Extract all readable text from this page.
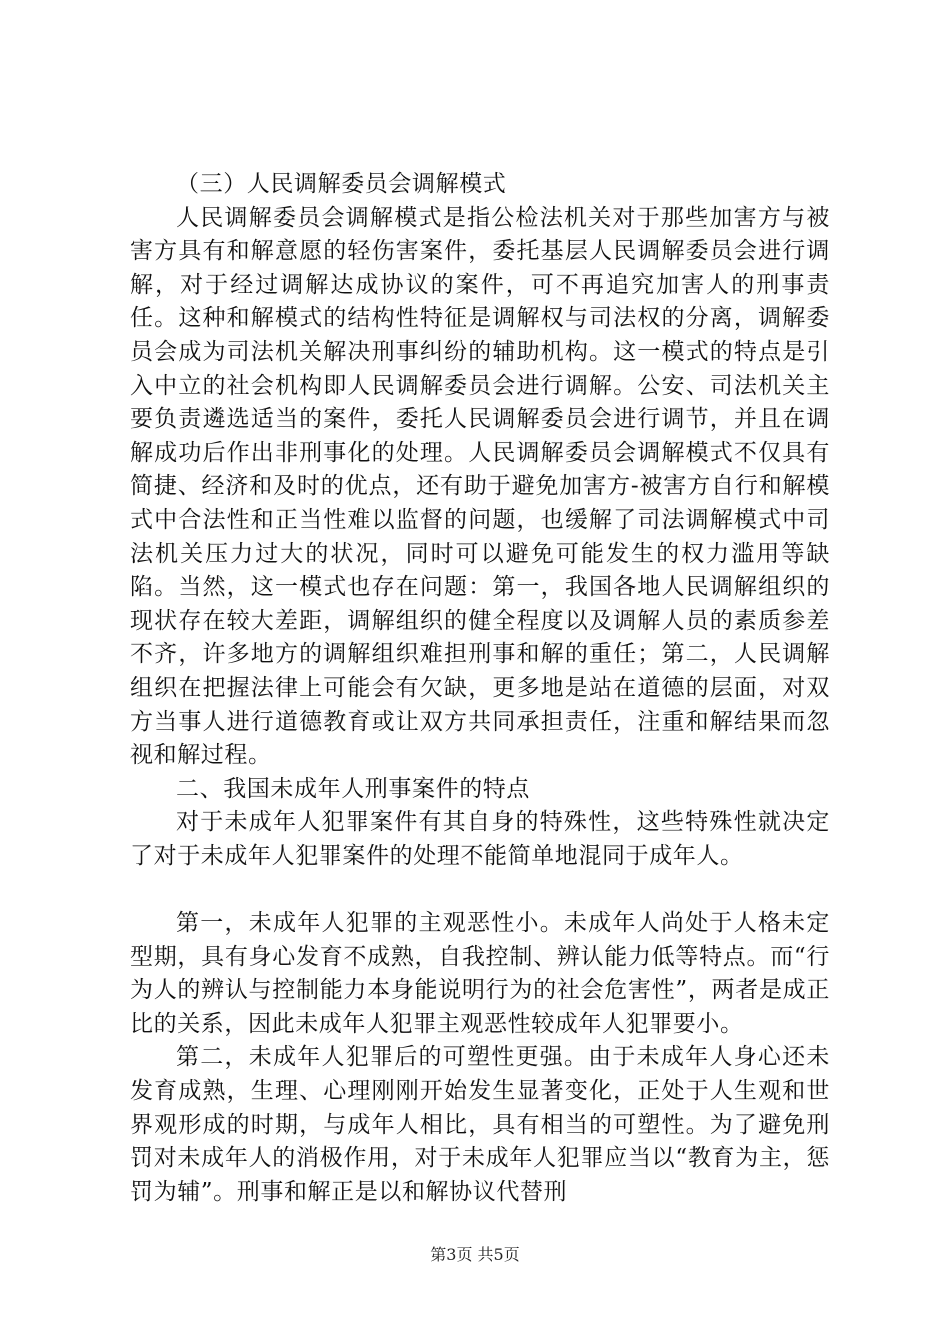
（三）人民调解委员会调解模式

人民调解委员会调解模式是指公检法机关对于那些加害方与被害方具有和解意愿的轻伤害案件，委托基层人民调解委员会进行调解，对于经过调解达成协议的案件，可不再追究加害人的刑事责任。这种和解模式的结构性特征是调解权与司法权的分离，调解委员会成为司法机关解决刑事纠纷的辅助机构。这一模式的特点是引入中立的社会机构即人民调解委员会进行调解。公安、司法机关主要负责遴选适当的案件，委托人民调解委员会进行调节，并且在调解成功后作出非刑事化的处理。人民调解委员会调解模式不仅具有简捷、经济和及时的优点，还有助于避免加害方-被害方自行和解模式中合法性和正当性难以监督的问题，也缓解了司法调解模式中司法机关压力过大的状况，同时可以避免可能发生的权力滥用等缺陷。当然，这一模式也存在问题：第一，我国各地人民调解组织的现状存在较大差距，调解组织的健全程度以及调解人员的素质参差不齐，许多地方的调解组织难担刑事和解的重任；第二，人民调解组织在把握法律上可能会有欠缺，更多地是站在道德的层面，对双方当事人进行道德教育或让双方共同承担责任，注重和解结果而忽视和解过程。

二、我国未成年人刑事案件的特点

对于未成年人犯罪案件有其自身的特殊性，这些特殊性就决定了对于未成年人犯罪案件的处理不能简单地混同于成年人。

第一，未成年人犯罪的主观恶性小。未成年人尚处于人格未定型期，具有身心发育不成熟，自我控制、辨认能力低等特点。而“行为人的辨认与控制能力本身能说明行为的社会危害性”，两者是成正比的关系，因此未成年人犯罪主观恶性较成年人犯罪要小。

第二，未成年人犯罪后的可塑性更强。由于未成年人身心还未发育成熟，生理、心理刚刚开始发生显著变化，正处于人生观和世界观形成的时期，与成年人相比，具有相当的可塑性。为了避免刑罚对未成年人的消极作用，对于未成年人犯罪应当以“教育为主，惩罚为辅”。刑事和解正是以和解协议代替刑

第3页 共5页
